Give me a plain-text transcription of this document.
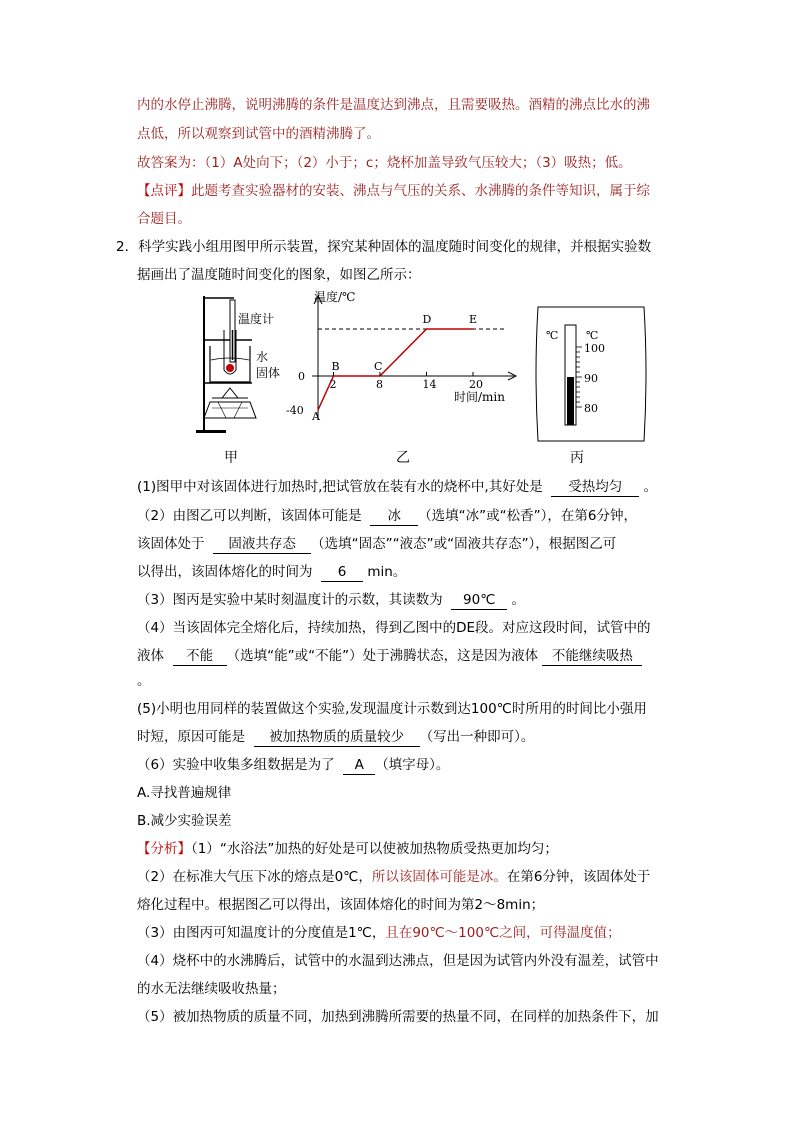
内的水停止沸腾，说明沸腾的条件是温度达到沸点，且需要吸热。酒精的沸点比水的沸
点低，所以观察到试管中的酒精沸腾了。
故答案为：（1）A处向下；（2）小于；c；烧杯加盖导致气压较大；（3）吸热；低。
【点评】此题考查实验器材的安装、沸点与气压的关系、水沸腾的条件等知识，属于综
合题目。
2．科学实践小组用图甲所示装置，探究某种固体的温度随时间变化的规律，并根据实验数
据画出了温度随时间变化的图象，如图乙所示：
温度计
水
固体
甲
温度/℃
时间/min
A
B	C
D	E
2	8	14	20
0
-40
乙
℃	℃
100
90
80
丙
(1)图甲中对该固体进行加热时,把试管放在装有水的烧杯中,其好处是 受热均匀 。
（2）由图乙可以判断，该固体可能是 冰 （选填“冰”或“松香”），在第6分钟，
该固体处于 固液共存态 （选填“固态”“液态”或“固液共存态”），根据图乙可
以得出，该固体熔化的时间为 6 min。
（3）图丙是实验中某时刻温度计的示数，其读数为 90℃ 。
（4）当该固体完全熔化后，持续加热，得到乙图中的DE段。对应这段时间，试管中的
液体 不能 （选填“能”或“不能”）处于沸腾状态，这是因为液体 不能继续吸热
。
(5)小明也用同样的装置做这个实验,发现温度计示数到达100℃时所用的时间比小强用
时短，原因可能是 被加热物质的质量较少 （写出一种即可）。
（6）实验中收集多组数据是为了 A （填字母）。
A.寻找普遍规律
B.减少实验误差
【分析】（1）“水浴法”加热的好处是可以使被加热物质受热更加均匀；
（2）在标准大气压下冰的熔点是0℃，所以该固体可能是冰。在第6分钟，该固体处于
熔化过程中。根据图乙可以得出，该固体熔化的时间为第2～8min；
（3）由图丙可知温度计的分度值是1℃，且在90℃～100℃之间，可得温度值；
（4）烧杯中的水沸腾后，试管中的水温到达沸点，但是因为试管内外没有温差，试管中
的水无法继续吸收热量；
（5）被加热物质的质量不同，加热到沸腾所需要的热量不同，在同样的加热条件下，加
